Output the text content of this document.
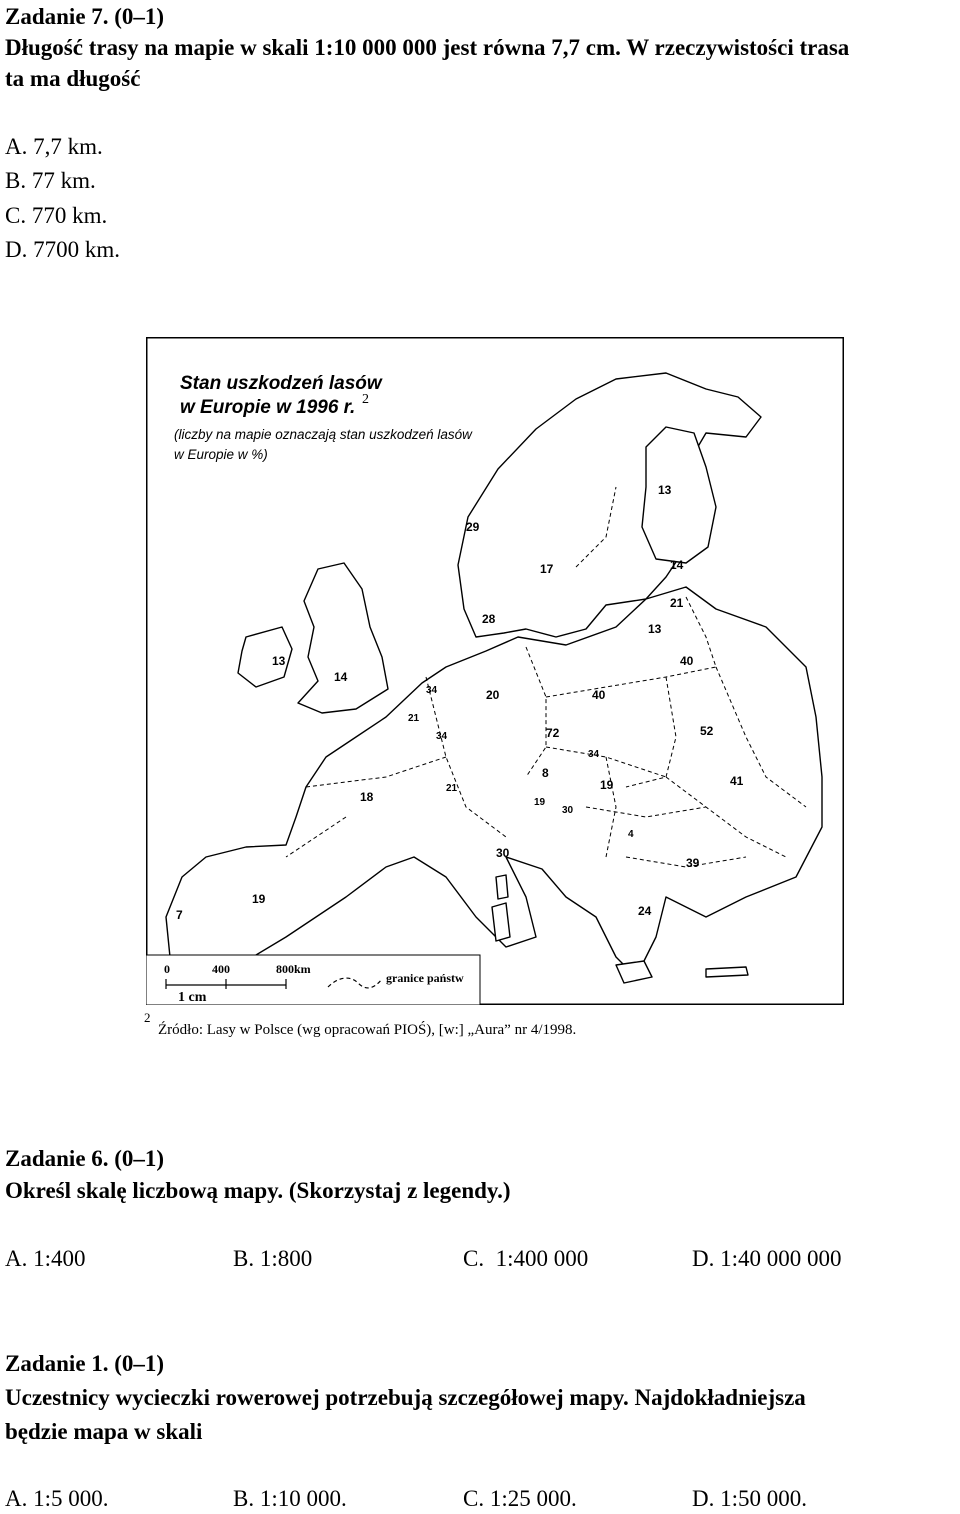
Zadanie 7. (0–1)
Długość trasy na mapie w skali 1:10 000 000 jest równa 7,7 cm. W rzeczywistości trasa
ta ma długość
A. 7,7 km.
B. 77 km.
C. 770 km.
D. 7700 km.
Stan uszkodzeń lasów
w Europie w 1996 r. 2
(liczby na mapie oznaczają stan uszkodzeń lasów
w Europie w %)
13
29
17	14
21
28
13
40
13
14
34
21
20	40
34	72	52
34
8
41
18
21	19
19
30
39
30
24
19
7
4
0	400	800km
1 cm
granice państw
2
Źródło: Lasy w Polsce (wg opracowań PIOŚ), [w:] „Aura” nr 4/1998.
Zadanie 6. (0–1)
Określ skalę liczbową mapy. (Skorzystaj z legendy.)
A. 1:400	B. 1:800	C.  1:400 000	D. 1:40 000 000
Zadanie 1. (0–1)
Uczestnicy wycieczki rowerowej potrzebują szczegółowej mapy. Najdokładniejsza
będzie mapa w skali
A. 1:5 000.	B. 1:10 000.	C. 1:25 000.	D. 1:50 000.
